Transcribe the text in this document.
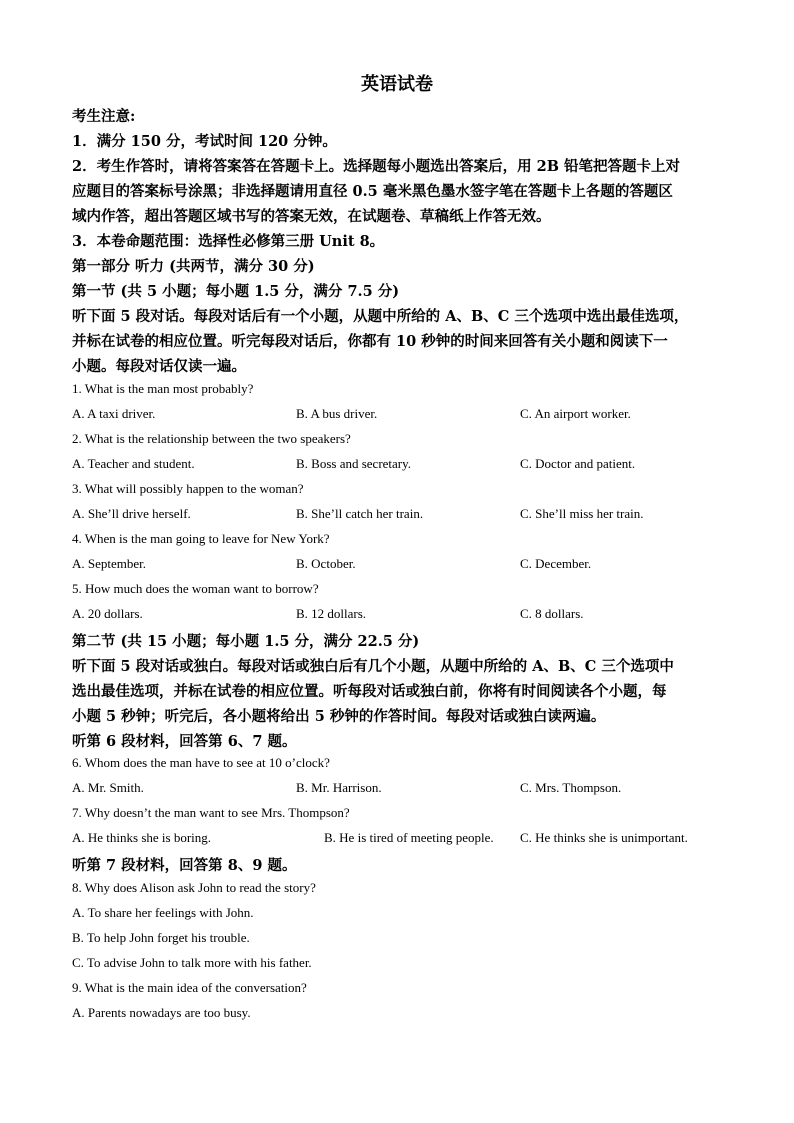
英语试卷
考生注意:
1．满分 150 分，考试时间 120 分钟。
2．考生作答时，请将答案答在答题卡上。选择题每小题选出答案后，用 2B 铅笔把答题卡上对
应题目的答案标号涂黑；非选择题请用直径 0.5 毫米黑色墨水签字笔在答题卡上各题的答题区
域内作答，超出答题区域书写的答案无效，在试题卷、草稿纸上作答无效。
3．本卷命题范围：选择性必修第三册 Unit 8。
第一部分 听力 (共两节，满分 30 分)
第一节 (共 5 小题；每小题 1.5 分，满分 7.5 分)
听下面 5 段对话。每段对话后有一个小题，从题中所给的 A、B、C 三个选项中选出最佳选项，
并标在试卷的相应位置。听完每段对话后，你都有 10 秒钟的时间来回答有关小题和阅读下一
小题。每段对话仅读一遍。
1. What is the man most probably?
A. A taxi driver.	B. A bus driver.	C. An airport worker.
2. What is the relationship between the two speakers?
A. Teacher and student.	B. Boss and secretary.	C. Doctor and patient.
3. What will possibly happen to the woman?
A. She’ll drive herself.	B. She’ll catch her train.	C. She’ll miss her train.
4. When is the man going to leave for New York?
A. September.	B. October.	C. December.
5. How much does the woman want to borrow?
A. 20 dollars.	B. 12 dollars.	C. 8 dollars.
第二节 (共 15 小题；每小题 1.5 分，满分 22.5 分)
听下面 5 段对话或独白。每段对话或独白后有几个小题，从题中所给的 A、B、C 三个选项中
选出最佳选项，并标在试卷的相应位置。听每段对话或独白前，你将有时间阅读各个小题，每
小题 5 秒钟；听完后，各小题将给出 5 秒钟的作答时间。每段对话或独白读两遍。
听第 6 段材料，回答第 6、7 题。
6. Whom does the man have to see at 10 o’clock?
A. Mr. Smith.	B. Mr. Harrison.	C. Mrs. Thompson.
7. Why doesn’t the man want to see Mrs. Thompson?
A. He thinks she is boring.	B. He is tired of meeting people. C. He thinks she is unimportant.
听第 7 段材料，回答第 8、9 题。
8. Why does Alison ask John to read the story?
A. To share her feelings with John.
B. To help John forget his trouble.
C. To advise John to talk more with his father.
9. What is the main idea of the conversation?
A. Parents nowadays are too busy.
